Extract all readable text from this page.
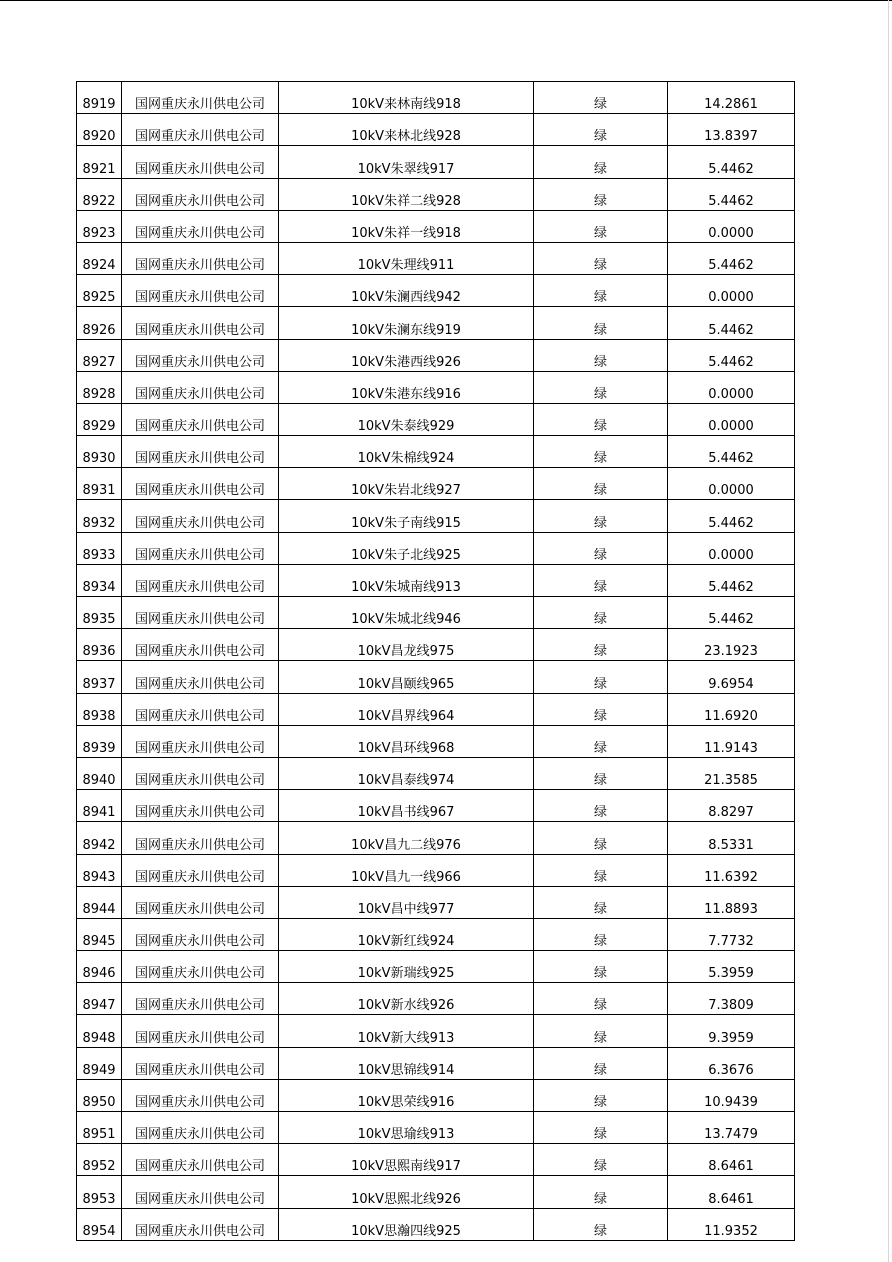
8919	国网重庆永川供电公司	10kV来林南线918	绿	14.2861
8920	国网重庆永川供电公司	10kV来林北线928	绿	13.8397
8921	国网重庆永川供电公司	10kV朱翠线917	绿	5.4462
8922	国网重庆永川供电公司	10kV朱祥二线928	绿	5.4462
8923	国网重庆永川供电公司	10kV朱祥一线918	绿	0.0000
8924	国网重庆永川供电公司	10kV朱理线911	绿	5.4462
8925	国网重庆永川供电公司	10kV朱澜西线942	绿	0.0000
8926	国网重庆永川供电公司	10kV朱澜东线919	绿	5.4462
8927	国网重庆永川供电公司	10kV朱港西线926	绿	5.4462
8928	国网重庆永川供电公司	10kV朱港东线916	绿	0.0000
8929	国网重庆永川供电公司	10kV朱泰线929	绿	0.0000
8930	国网重庆永川供电公司	10kV朱棉线924	绿	5.4462
8931	国网重庆永川供电公司	10kV朱岩北线927	绿	0.0000
8932	国网重庆永川供电公司	10kV朱子南线915	绿	5.4462
8933	国网重庆永川供电公司	10kV朱子北线925	绿	0.0000
8934	国网重庆永川供电公司	10kV朱城南线913	绿	5.4462
8935	国网重庆永川供电公司	10kV朱城北线946	绿	5.4462
8936	国网重庆永川供电公司	10kV昌龙线975	绿	23.1923
8937	国网重庆永川供电公司	10kV昌颐线965	绿	9.6954
8938	国网重庆永川供电公司	10kV昌界线964	绿	11.6920
8939	国网重庆永川供电公司	10kV昌环线968	绿	11.9143
8940	国网重庆永川供电公司	10kV昌泰线974	绿	21.3585
8941	国网重庆永川供电公司	10kV昌书线967	绿	8.8297
8942	国网重庆永川供电公司	10kV昌九二线976	绿	8.5331
8943	国网重庆永川供电公司	10kV昌九一线966	绿	11.6392
8944	国网重庆永川供电公司	10kV昌中线977	绿	11.8893
8945	国网重庆永川供电公司	10kV新红线924	绿	7.7732
8946	国网重庆永川供电公司	10kV新瑞线925	绿	5.3959
8947	国网重庆永川供电公司	10kV新水线926	绿	7.3809
8948	国网重庆永川供电公司	10kV新大线913	绿	9.3959
8949	国网重庆永川供电公司	10kV思锦线914	绿	6.3676
8950	国网重庆永川供电公司	10kV思荣线916	绿	10.9439
8951	国网重庆永川供电公司	10kV思瑜线913	绿	13.7479
8952	国网重庆永川供电公司	10kV思熙南线917	绿	8.6461
8953	国网重庆永川供电公司	10kV思熙北线926	绿	8.6461
8954	国网重庆永川供电公司	10kV思瀚四线925	绿	11.9352
